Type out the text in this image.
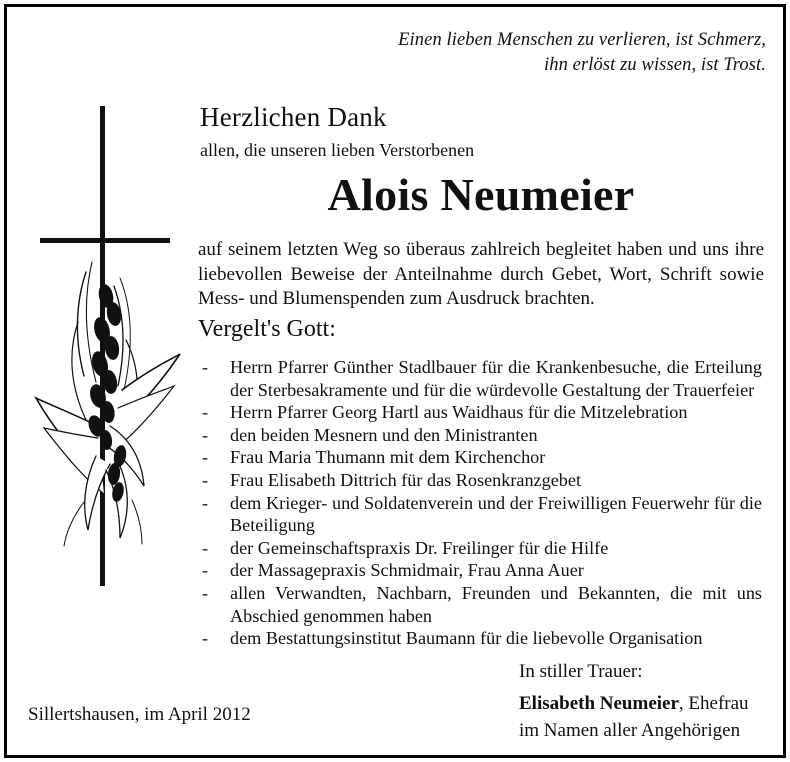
Einen lieben Menschen zu verlieren, ist Schmerz,
ihn erlöst zu wissen, ist Trost.
Herzlichen Dank
allen, die unseren lieben Verstorbenen
Alois Neumeier
auf seinem letzten Weg so überaus zahlreich begleitet haben und uns ihre liebevollen Beweise der Anteilnahme durch Gebet, Wort, Schrift sowie Mess- und Blumenspenden zum Ausdruck brachten.
Vergelt's Gott:
- Herrn Pfarrer Günther Stadlbauer für die Krankenbesuche, die Erteilung der Sterbesakramente und für die würdevolle Gestaltung der Trauerfeier
- Herrn Pfarrer Georg Hartl aus Waidhaus für die Mitzelebration
- den beiden Mesnern und den Ministranten
- Frau Maria Thumann mit dem Kirchenchor
- Frau Elisabeth Dittrich für das Rosenkranzgebet
- dem Krieger- und Soldatenverein und der Freiwilligen Feuerwehr für die Beteiligung
- der Gemeinschaftspraxis Dr. Freilinger für die Hilfe
- der Massagepraxis Schmidmair, Frau Anna Auer
- allen Verwandten, Nachbarn, Freunden und Bekannten, die mit uns Abschied genommen haben
- dem Bestattungsinstitut Baumann für die liebevolle Organisation
Sillertshausen, im April 2012
In stiller Trauer:
Elisabeth Neumeier, Ehefrau
im Namen aller Angehörigen
